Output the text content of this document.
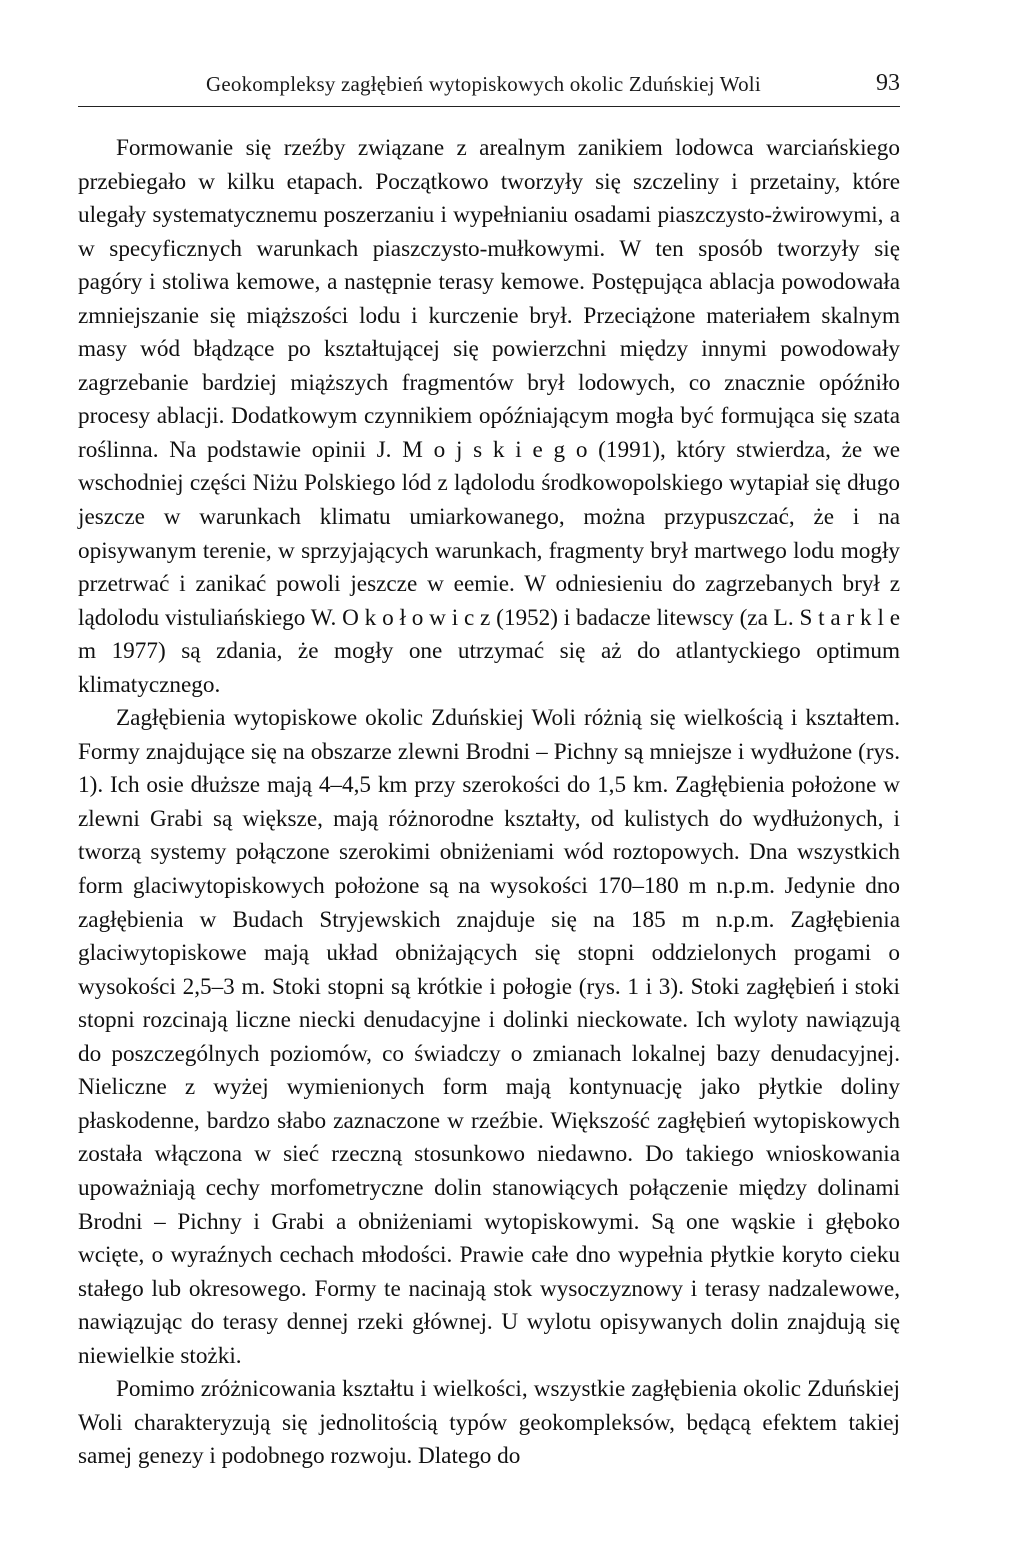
Geokompleksy zagłębień wytopiskowych okolic Zduńskiej Woli	93

Formowanie się rzeźby związane z arealnym zanikiem lodowca warciańskiego przebiegało w kilku etapach. Początkowo tworzyły się szczeliny i przetainy, które ulegały systematycznemu poszerzaniu i wypełnianiu osadami piaszczysto-żwirowymi, a w specyficznych warunkach piaszczysto-mułkowymi. W ten sposób tworzyły się pagóry i stoliwa kemowe, a następnie terasy kemowe. Postępująca ablacja powodowała zmniejszanie się miąższości lodu i kurczenie brył. Przeciążone materiałem skalnym masy wód błądzące po kształtującej się powierzchni między innymi powodowały zagrzebanie bardziej miąższych fragmentów brył lodowych, co znacznie opóźniło procesy ablacji. Dodatkowym czynnikiem opóźniającym mogła być formująca się szata roślinna. Na podstawie opinii J. M o j s k i e g o (1991), który stwierdza, że we wschodniej części Niżu Polskiego lód z lądolodu środkowopolskiego wytapiał się długo jeszcze w warunkach klimatu umiarkowanego, można przypuszczać, że i na opisywanym terenie, w sprzyjających warunkach, fragmenty brył martwego lodu mogły przetrwać i zanikać powoli jeszcze w eemie. W odniesieniu do zagrzebanych brył z lądolodu vistuliańskiego W. O k o ł o w i c z (1952) i badacze litewscy (za L. S t a r k l e m 1977) są zdania, że mogły one utrzymać się aż do atlantyckiego optimum klimatycznego.

Zagłębienia wytopiskowe okolic Zduńskiej Woli różnią się wielkością i kształtem. Formy znajdujące się na obszarze zlewni Brodni – Pichny są mniejsze i wydłużone (rys. 1). Ich osie dłuższe mają 4–4,5 km przy szerokości do 1,5 km. Zagłębienia położone w zlewni Grabi są większe, mają różnorodne kształty, od kulistych do wydłużonych, i tworzą systemy połączone szerokimi obniżeniami wód roztopowych. Dna wszystkich form glaciwytopiskowych położone są na wysokości 170–180 m n.p.m. Jedynie dno zagłębienia w Budach Stryjewskich znajduje się na 185 m n.p.m. Zagłębienia glaciwytopiskowe mają układ obniżających się stopni oddzielonych progami o wysokości 2,5–3 m. Stoki stopni są krótkie i połogie (rys. 1 i 3). Stoki zagłębień i stoki stopni rozcinają liczne niecki denudacyjne i dolinki nieckowate. Ich wyloty nawiązują do poszczególnych poziomów, co świadczy o zmianach lokalnej bazy denudacyjnej. Nieliczne z wyżej wymienionych form mają kontynuację jako płytkie doliny płaskodenne, bardzo słabo zaznaczone w rzeźbie. Większość zagłębień wytopiskowych została włączona w sieć rzeczną stosunkowo niedawno. Do takiego wnioskowania upoważniają cechy morfometryczne dolin stanowiących połączenie między dolinami Brodni – Pichny i Grabi a obniżeniami wytopiskowymi. Są one wąskie i głęboko wcięte, o wyraźnych cechach młodości. Prawie całe dno wypełnia płytkie koryto cieku stałego lub okresowego. Formy te nacinają stok wysoczyznowy i terasy nadzalewowe, nawiązując do terasy dennej rzeki głównej. U wylotu opisywanych dolin znajdują się niewielkie stożki.

Pomimo zróżnicowania kształtu i wielkości, wszystkie zagłębienia okolic Zduńskiej Woli charakteryzują się jednolitością typów geokompleksów, będącą efektem takiej samej genezy i podobnego rozwoju. Dlatego do
